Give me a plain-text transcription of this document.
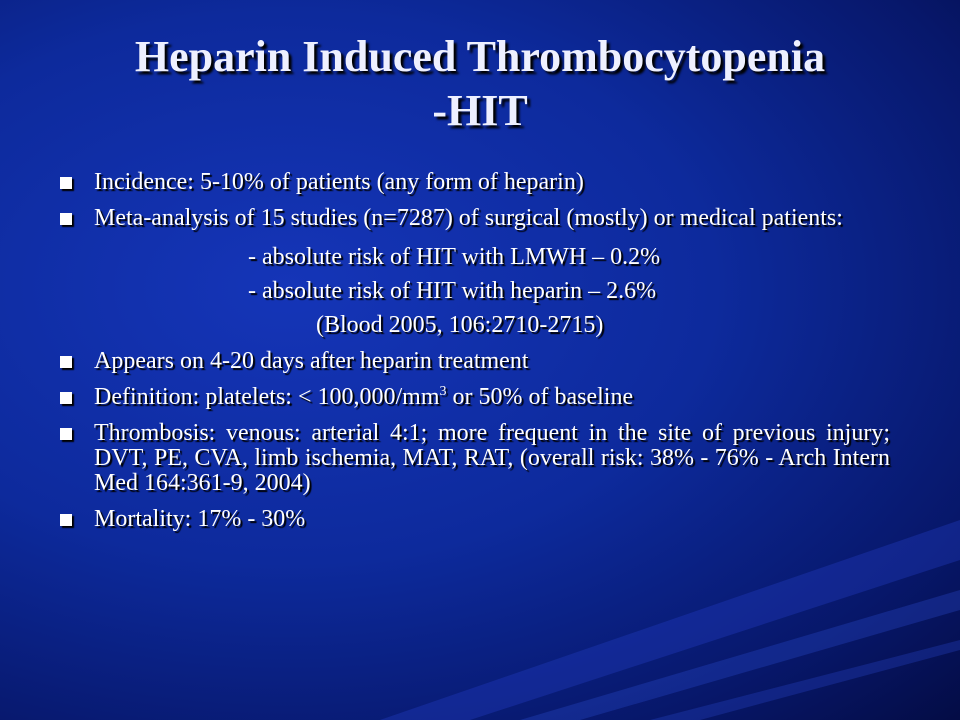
Heparin Induced Thrombocytopenia
-HIT
Incidence: 5-10% of patients (any form of heparin)
Meta-analysis of 15 studies (n=7287) of surgical (mostly) or medical patients:
- absolute risk of HIT with LMWH – 0.2%
- absolute risk of HIT with heparin – 2.6%
(Blood 2005, 106:2710-2715)
Appears on 4-20 days after heparin treatment
Definition: platelets: < $100,000/mm^3$ or 50% of baseline
Thrombosis: venous: arterial 4:1; more frequent in the site of previous injury; DVT, PE, CVA, limb ischemia, MAT, RAT, (overall risk: 38% - 76% - Arch Intern Med 164:361-9, 2004)
Mortality: 17% - 30%
